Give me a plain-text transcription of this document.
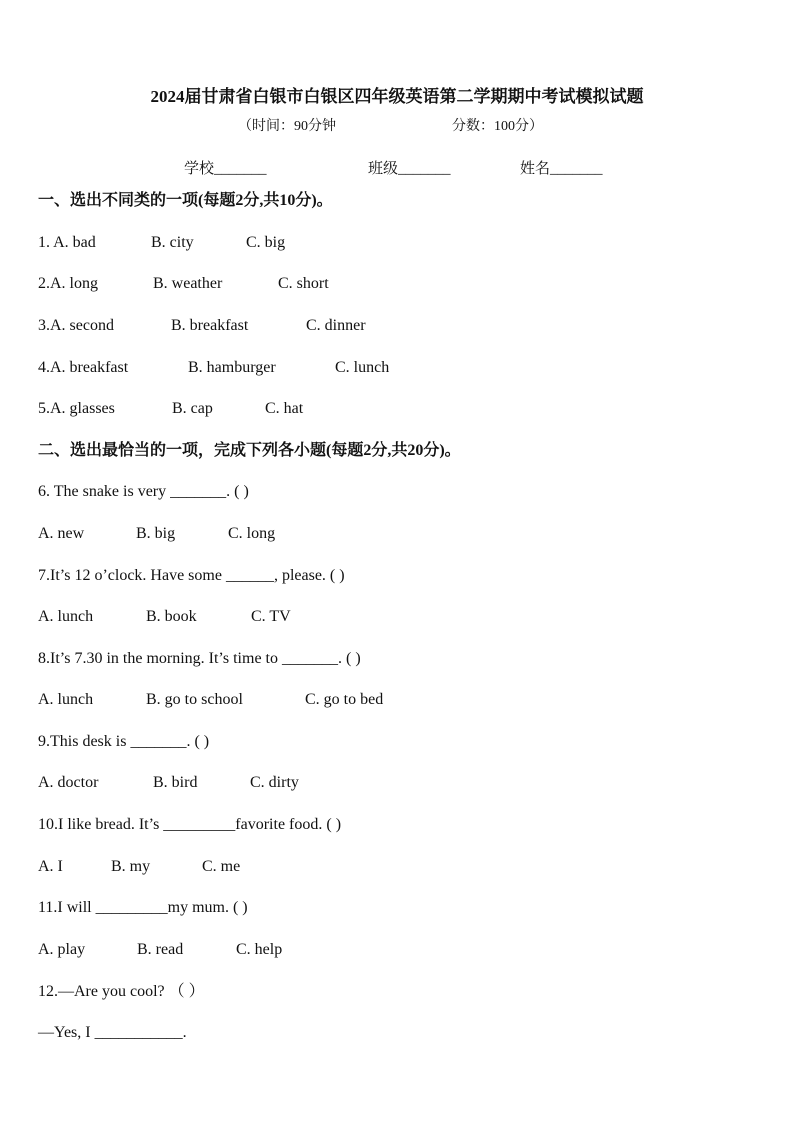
2024届甘肃省白银市白银区四年级英语第二学期期中考试模拟试题
（时间：90分钟	分数：100分）
学校_______	班级_______	姓名_______
一、选出不同类的一项(每题2分,共10分)。
1. A. bad	B. city	C. big
2.A. long	B. weather	C. short
3.A. second	B. breakfast	C. dinner
4.A. breakfast	B. hamburger	C. lunch
5.A. glasses	B. cap	C. hat
二、选出最恰当的一项，完成下列各小题(每题2分,共20分)。
6. The snake is very _______. ( )
A. new	B. big	C. long
7.It’s 12 o’clock. Have some ______, please. ( )
A. lunch	B. book	C. TV
8.It’s 7.30 in the morning. It’s time to _______. ( )
A. lunch	B. go to school	C. go to bed
9.This desk is _______. ( )
A. doctor	B. bird	C. dirty
10.I like bread. It’s _________favorite food. ( )
A. I	B. my	C. me
11.I will _________my mum. ( )
A. play	B. read	C. help
12.—Are you cool? （ ）
—Yes, I ___________.
